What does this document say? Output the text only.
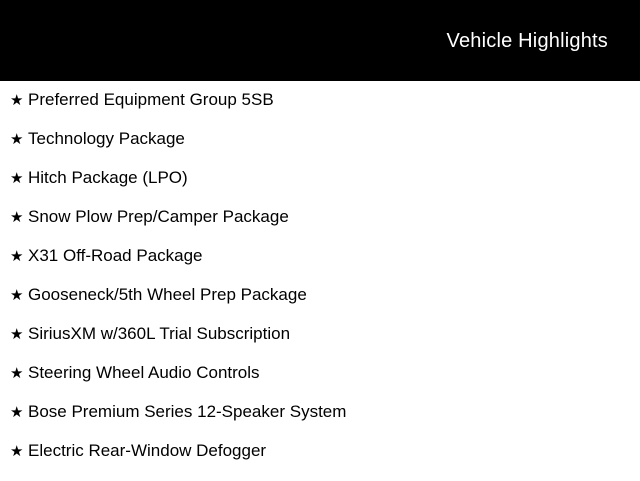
Vehicle Highlights
★ Preferred Equipment Group 5SB
★ Technology Package
★ Hitch Package (LPO)
★ Snow Plow Prep/Camper Package
★ X31 Off-Road Package
★ Gooseneck/5th Wheel Prep Package
★ SiriusXM w/360L Trial Subscription
★ Steering Wheel Audio Controls
★ Bose Premium Series 12-Speaker System
★ Electric Rear-Window Defogger
